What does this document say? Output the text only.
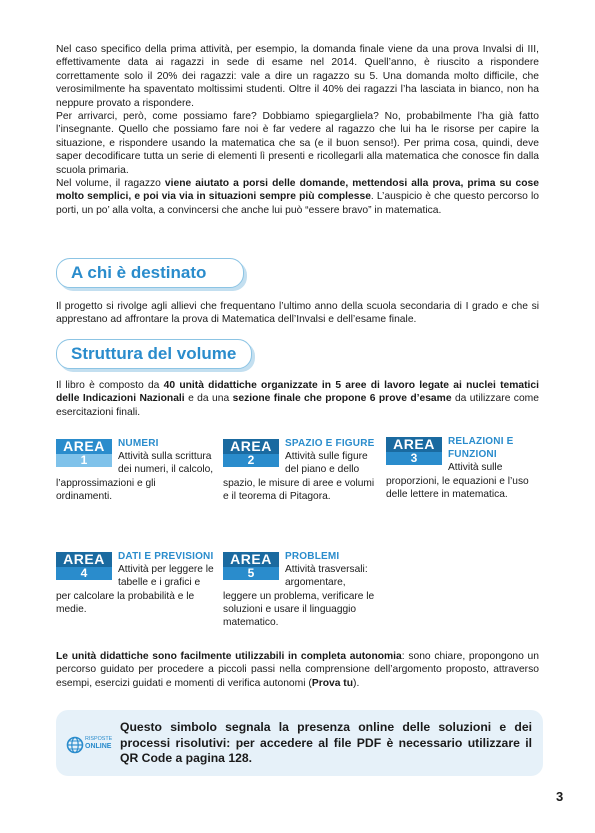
Nel caso specifico della prima attività, per esempio, la domanda finale viene da una prova Invalsi di III, effettivamente data ai ragazzi in sede di esame nel 2014. Quell’anno, è riuscito a rispondere correttamente solo il 20% dei ragazzi: vale a dire un ragazzo su 5. Una domanda molto difficile, che verosimilmente ha spaventato moltissimi studenti. Oltre il 40% dei ragazzi l’ha lasciata in bianco, non ha neppure provato a rispondere.

Per arrivarci, però, come possiamo fare? Dobbiamo spiegargliela? No, probabilmente l’ha già fatto l’insegnante. Quello che possiamo fare noi è far vedere al ragazzo che lui ha le risorse per capire la situazione, e rispondere usando la matematica che sa (e il buon senso!). Per prima cosa, quindi, deve saper decodificare tutta un serie di elementi lì presenti e ricollegarli alla matematica che conosce fin dalla scuola primaria.

Nel volume, il ragazzo viene aiutato a porsi delle domande, mettendosi alla prova, prima su cose molto semplici, e poi via via in situazioni sempre più complesse. L’auspicio è che questo percorso lo porti, un po’ alla volta, a convincersi che anche lui può “essere bravo” in matematica.

A chi è destinato
Il progetto si rivolge agli allievi che frequentano l’ultimo anno della scuola secondaria di I grado e che si apprestano ad affrontare la prova di Matematica dell’Invalsi e dell’esame finale.
Struttura del volume
Il libro è composto da 40 unità didattiche organizzate in 5 aree di lavoro legate ai nuclei tematici delle Indicazioni Nazionali e da una sezione finale che propone 6 prove d’esame da utilizzare come esercitazioni finali.
AREA
1
NUMERI
Attività sulla scrittura dei numeri, il calcolo, l’approssimazioni e gli ordinamenti.
AREA
2
SPAZIO E FIGURE
Attività sulle figure del piano e dello spazio, le misure di aree e volumi e il teorema di Pitagora.
AREA
3
RELAZIONI E FUNZIONI
Attività sulle proporzioni, le equazioni e l’uso delle lettere in matematica.
AREA
4
DATI E PREVISIONI
Attività per leggere le tabelle e i grafici e per calcolare la probabilità e le medie.
AREA
5
PROBLEMI
Attività trasversali: argomentare, leggere un problema, verificare le soluzioni e usare il linguaggio matematico.
Le unità didattiche sono facilmente utilizzabili in completa autonomia: sono chiare, propongono un percorso guidato per procedere a piccoli passi nella comprensione dell’argomento proposto, attraverso esempi, esercizi guidati e momenti di verifica autonomi (Prova tu).
RISPOSTE
ONLINE
Questo simbolo segnala la presenza online delle soluzioni e dei processi risolutivi: per accedere al file PDF è necessario utilizzare il QR Code a pagina 128.
3
